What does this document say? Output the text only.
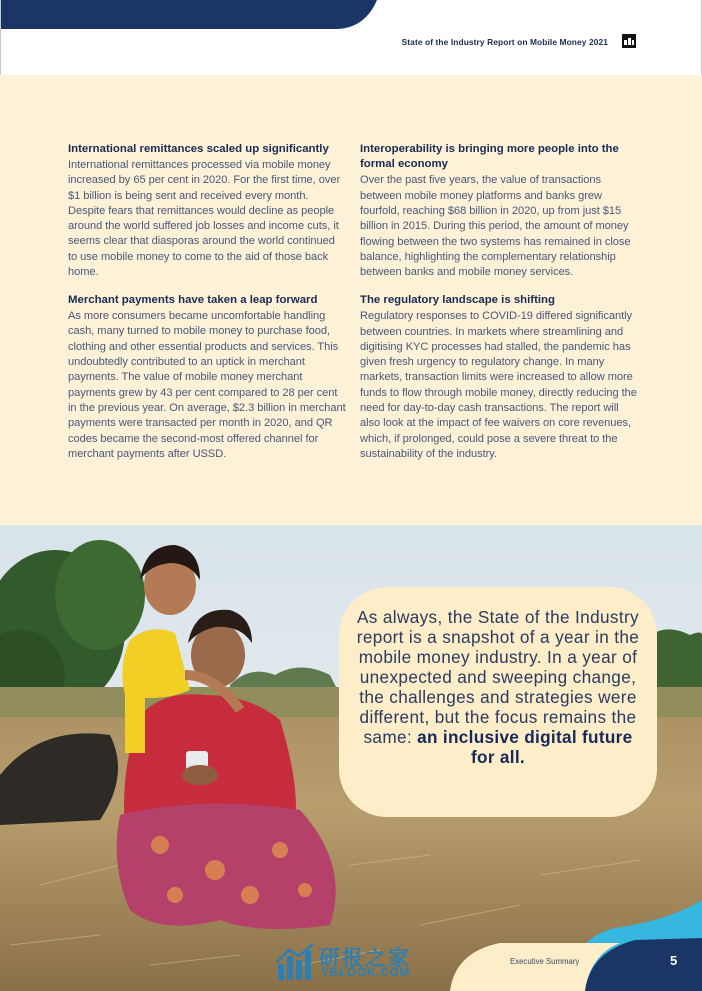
State of the Industry Report on Mobile Money 2021
International remittances scaled up significantly

International remittances processed via mobile money increased by 65 per cent in 2020. For the first time, over $1 billion is being sent and received every month. Despite fears that remittances would decline as people around the world suffered job losses and income cuts, it seems clear that diasporas around the world continued to use mobile money to come to the aid of those back home.

Merchant payments have taken a leap forward

As more consumers became uncomfortable handling cash, many turned to mobile money to purchase food, clothing and other essential products and services. This undoubtedly contributed to an uptick in merchant payments. The value of mobile money merchant payments grew by 43 per cent compared to 28 per cent in the previous year. On average, $2.3 billion in merchant payments were transacted per month in 2020, and QR codes became the second-most offered channel for merchant payments after USSD.

Interoperability is bringing more people into the formal economy

Over the past five years, the value of transactions between mobile money platforms and banks grew fourfold, reaching $68 billion in 2020, up from just $15 billion in 2015. During this period, the amount of money flowing between the two systems has remained in close balance, highlighting the complementary relationship between banks and mobile money services.

The regulatory landscape is shifting

Regulatory responses to COVID-19 differed significantly between countries. In markets where streamlining and digitising KYC processes had stalled, the pandemic has given fresh urgency to regulatory change. In many markets, transaction limits were increased to allow more funds to flow through mobile money, directly reducing the need for day-to-day cash transactions. The report will also look at the impact of fee waivers on core revenues, which, if prolonged, could pose a severe threat to the sustainability of the industry.

As always, the State of the Industry report is a snapshot of a year in the mobile money industry. In a year of unexpected and sweeping change, the challenges and strategies were different, but the focus remains the same: an inclusive digital future for all.
Executive Summary	5
研报之家
YBLOOK.COM
